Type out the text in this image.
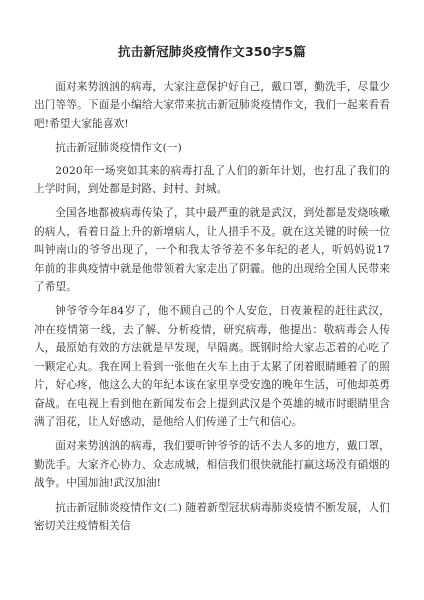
抗击新冠肺炎疫情作文350字5篇

面对来势汹汹的病毒，大家注意保护好自己，戴口罩，勤洗手，尽量少出门等等。下面是小编给大家带来抗击新冠肺炎疫情作文，我们一起来看看吧!希望大家能喜欢!

抗击新冠肺炎疫情作文(一)

2020年一场突如其来的病毒打乱了人们的新年计划，也打乱了我们的上学时间，到处都是封路、封村、封城。

全国各地都被病毒传染了，其中最严重的就是武汉，到处都是发烧咳嗽的病人，看着日益上升的新增病人，让人措手不及。就在这关键的时候一位叫钟南山的爷爷出现了，一个和我太爷爷差不多年纪的老人，听妈妈说17年前的非典疫情中就是他带领着大家走出了阴霾。他的出现给全国人民带来了希望。

钟爷爷今年84岁了，他不顾自己的个人安危，日夜兼程的赶往武汉，冲在疫情第一线，去了解、分析疫情，研究病毒，他提出：敬病毒会人传人，最原始有效的方法就是早发现，早隔离。既钢时给大家忐忑着的心吃了一颗定心丸。我在网上看到一张他在火车上由于太累了闭着眼睛睡着了的照片，好心疼，他这么大的年纪本该在家里享受安逸的晚年生活，可他却英勇奋战。在电视上看到他在新闻发布会上提到武汉是个英雄的城市时眼睛里含满了泪花，让人好感动，是他给人们传递了士气和信心。

面对来势汹汹的病毒，我们要听钟爷爷的话不去人多的地方，戴口罩，勤洗手。大家齐心协力、众志成城，相信我们很快就能打赢这场没有硝烟的战争。中国加油!武汉加油!

抗击新冠肺炎疫情作文(二) 随着新型冠状病毒肺炎疫情不断发展，人们密切关注疫情相关信
